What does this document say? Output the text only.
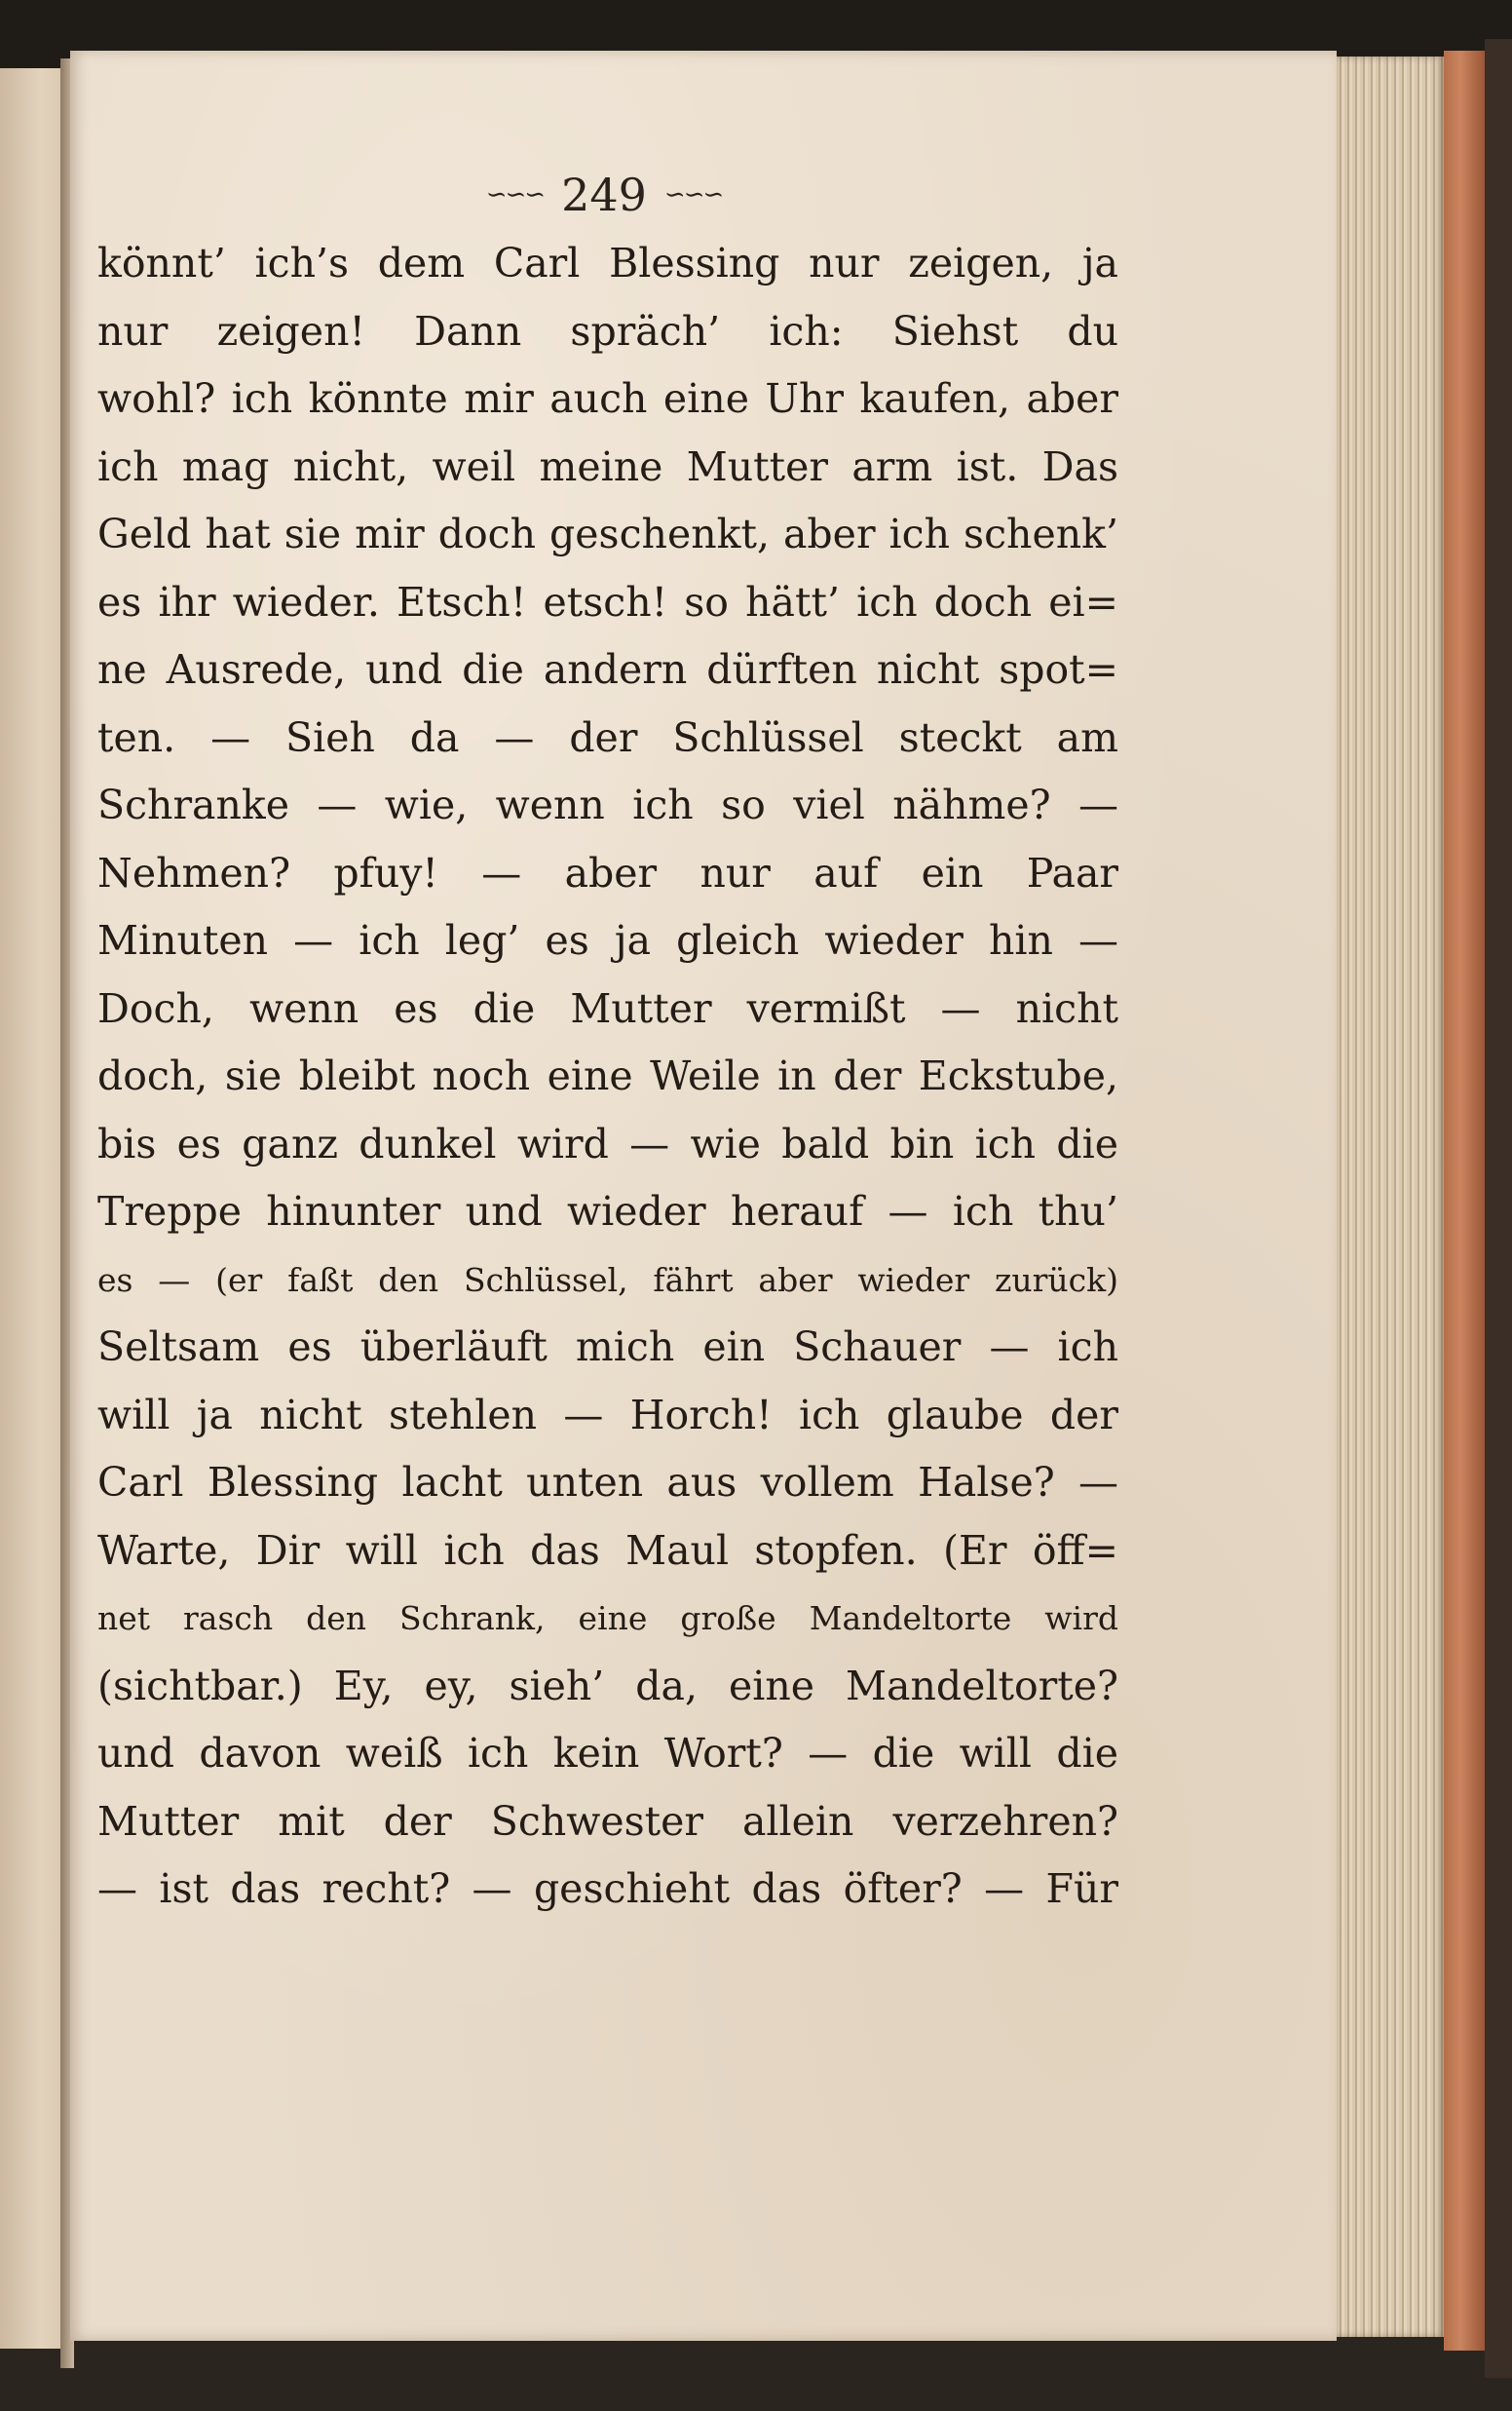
∽∽∽ 249 ∽∽∽
könnt’ ich’s dem Carl Blessing nur zeigen, ja
nur zeigen! Dann spräch’ ich: Siehst du
wohl? ich könnte mir auch eine Uhr kaufen, aber
ich mag nicht, weil meine Mutter arm ist. Das
Geld hat sie mir doch geschenkt, aber ich schenk’
es ihr wieder. Etsch! etsch! so hätt’ ich doch ei=
ne Ausrede, und die andern dürften nicht spot=
ten. — Sieh da — der Schlüssel steckt am
Schranke — wie, wenn ich so viel nähme? —
Nehmen? pfuy! — aber nur auf ein Paar
Minuten — ich leg’ es ja gleich wieder hin —
Doch, wenn es die Mutter vermißt — nicht
doch, sie bleibt noch eine Weile in der Eckstube,
bis es ganz dunkel wird — wie bald bin ich die
Treppe hinunter und wieder herauf — ich thu’
es — (er faßt den Schlüssel, fährt aber wieder zurück)
Seltsam es überläuft mich ein Schauer — ich
will ja nicht stehlen — Horch! ich glaube der
Carl Blessing lacht unten aus vollem Halse? —
Warte, Dir will ich das Maul stopfen. (Er öff=
net rasch den Schrank, eine große Mandeltorte wird
(sichtbar.) Ey, ey, sieh’ da, eine Mandeltorte?
und davon weiß ich kein Wort? — die will die
Mutter mit der Schwester allein verzehren?
— ist das recht? — geschieht das öfter? — Für
